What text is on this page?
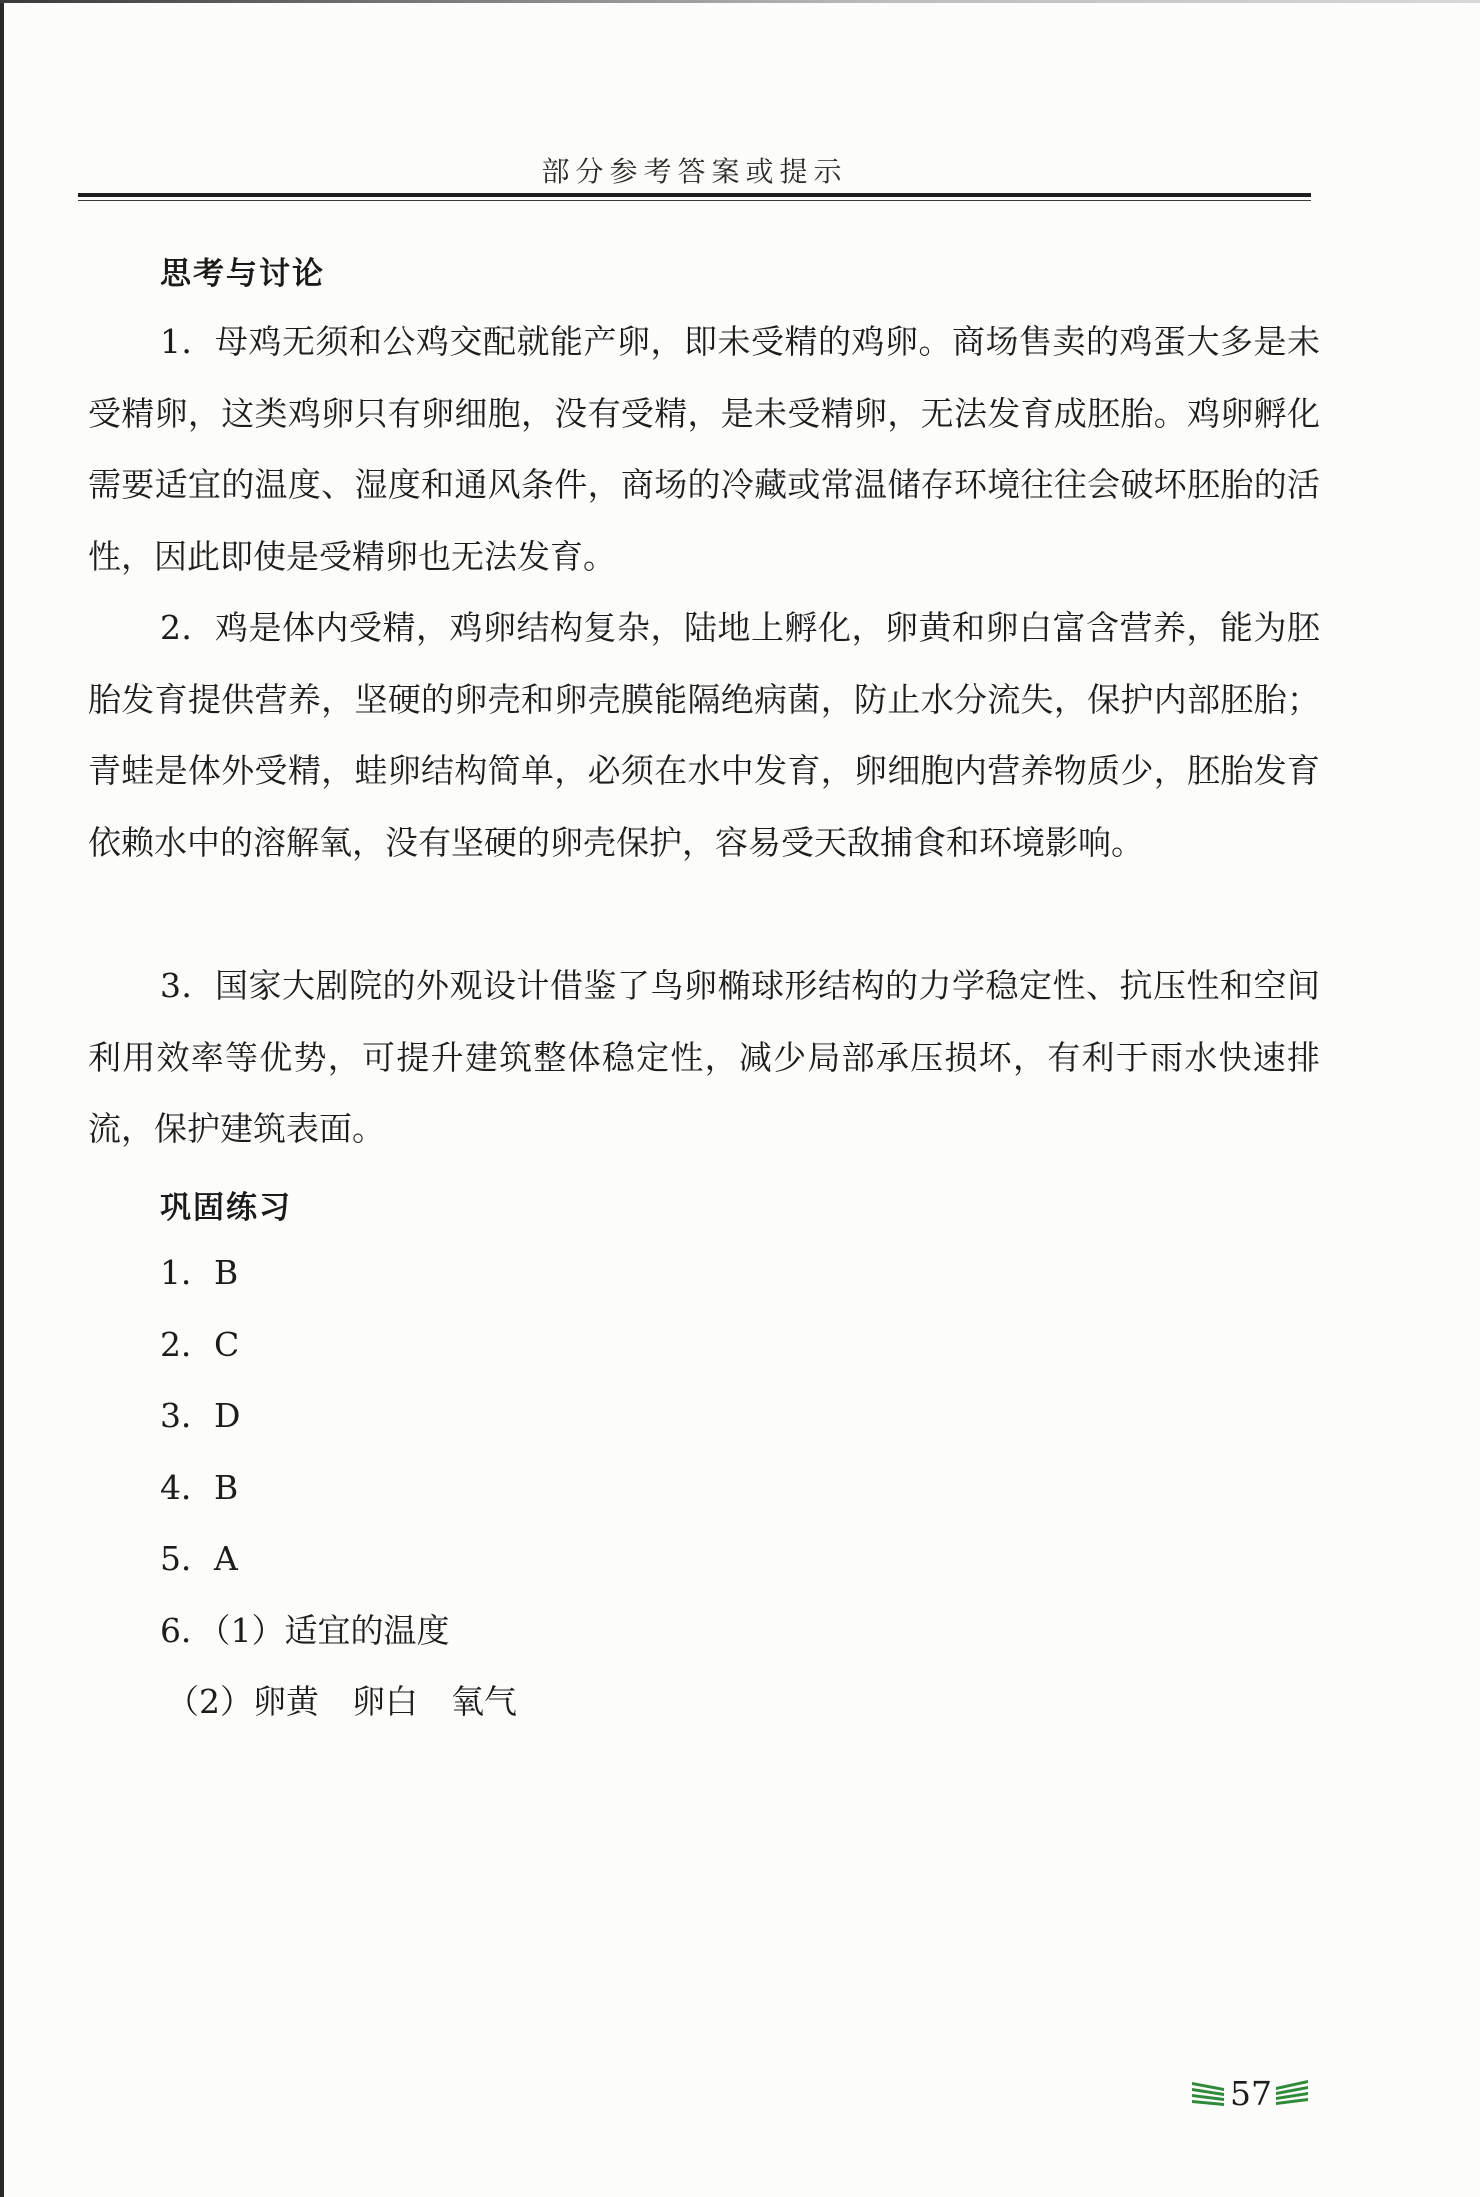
部分参考答案或提示
思考与讨论
1．母鸡无须和公鸡交配就能产卵，即未受精的鸡卵。商场售卖的鸡蛋大多是未受精卵，这类鸡卵只有卵细胞，没有受精，是未受精卵，无法发育成胚胎。鸡卵孵化需要适宜的温度、湿度和通风条件，商场的冷藏或常温储存环境往往会破坏胚胎的活性，因此即使是受精卵也无法发育。
2．鸡是体内受精，鸡卵结构复杂，陆地上孵化，卵黄和卵白富含营养，能为胚胎发育提供营养，坚硬的卵壳和卵壳膜能隔绝病菌，防止水分流失，保护内部胚胎；青蛙是体外受精，蛙卵结构简单，必须在水中发育，卵细胞内营养物质少，胚胎发育依赖水中的溶解氧，没有坚硬的卵壳保护，容易受天敌捕食和环境影响。
3．国家大剧院的外观设计借鉴了鸟卵椭球形结构的力学稳定性、抗压性和空间利用效率等优势，可提升建筑整体稳定性，减少局部承压损坏，有利于雨水快速排流，保护建筑表面。
巩固练习
1．B
2．C
3．D
4．B
5．A
6．（1）适宜的温度
（2）卵黄　卵白　氧气
57
